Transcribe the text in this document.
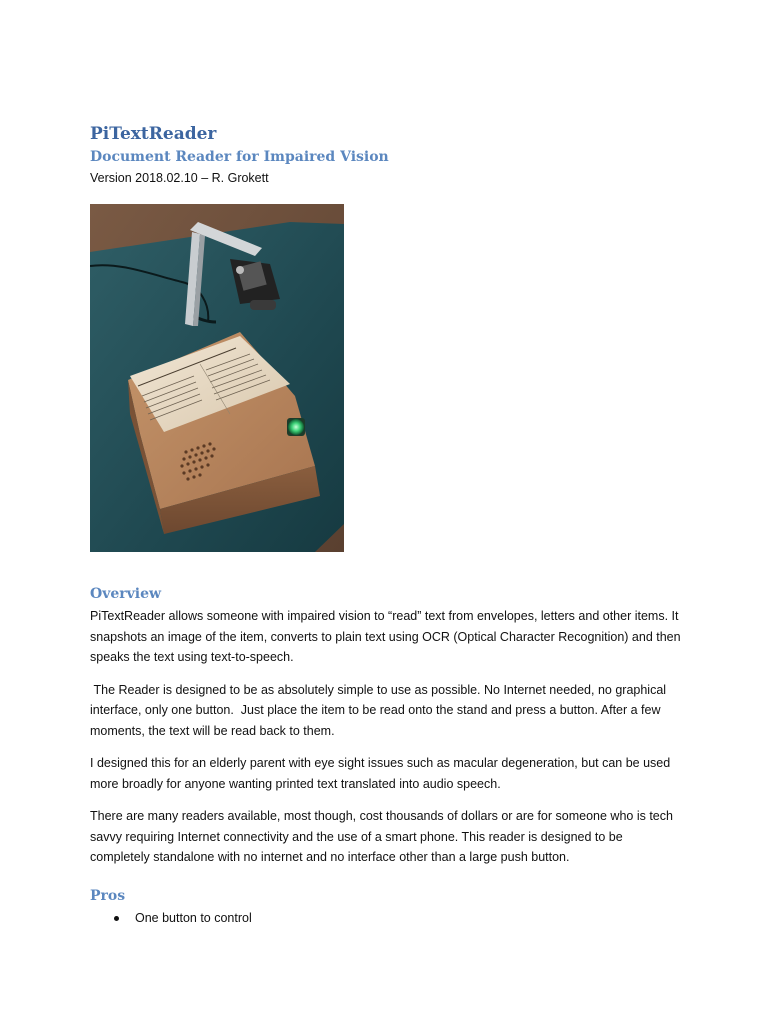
PiTextReader
Document Reader for Impaired Vision

Version 2018.02.10 – R. Grokett

Overview

PiTextReader allows someone with impaired vision to “read” text from envelopes, letters and other items. It snapshots an image of the item, converts to plain text using OCR (Optical Character Recognition) and then speaks the text using text-to-speech.

The Reader is designed to be as absolutely simple to use as possible. No Internet needed, no graphical interface, only one button.  Just place the item to be read onto the stand and press a button. After a few moments, the text will be read back to them.

I designed this for an elderly parent with eye sight issues such as macular degeneration, but can be used more broadly for anyone wanting printed text translated into audio speech.

There are many readers available, most though, cost thousands of dollars or are for someone who is tech savvy requiring Internet connectivity and the use of a smart phone. This reader is designed to be completely standalone with no internet and no interface other than a large push button.

Pros
One button to control
